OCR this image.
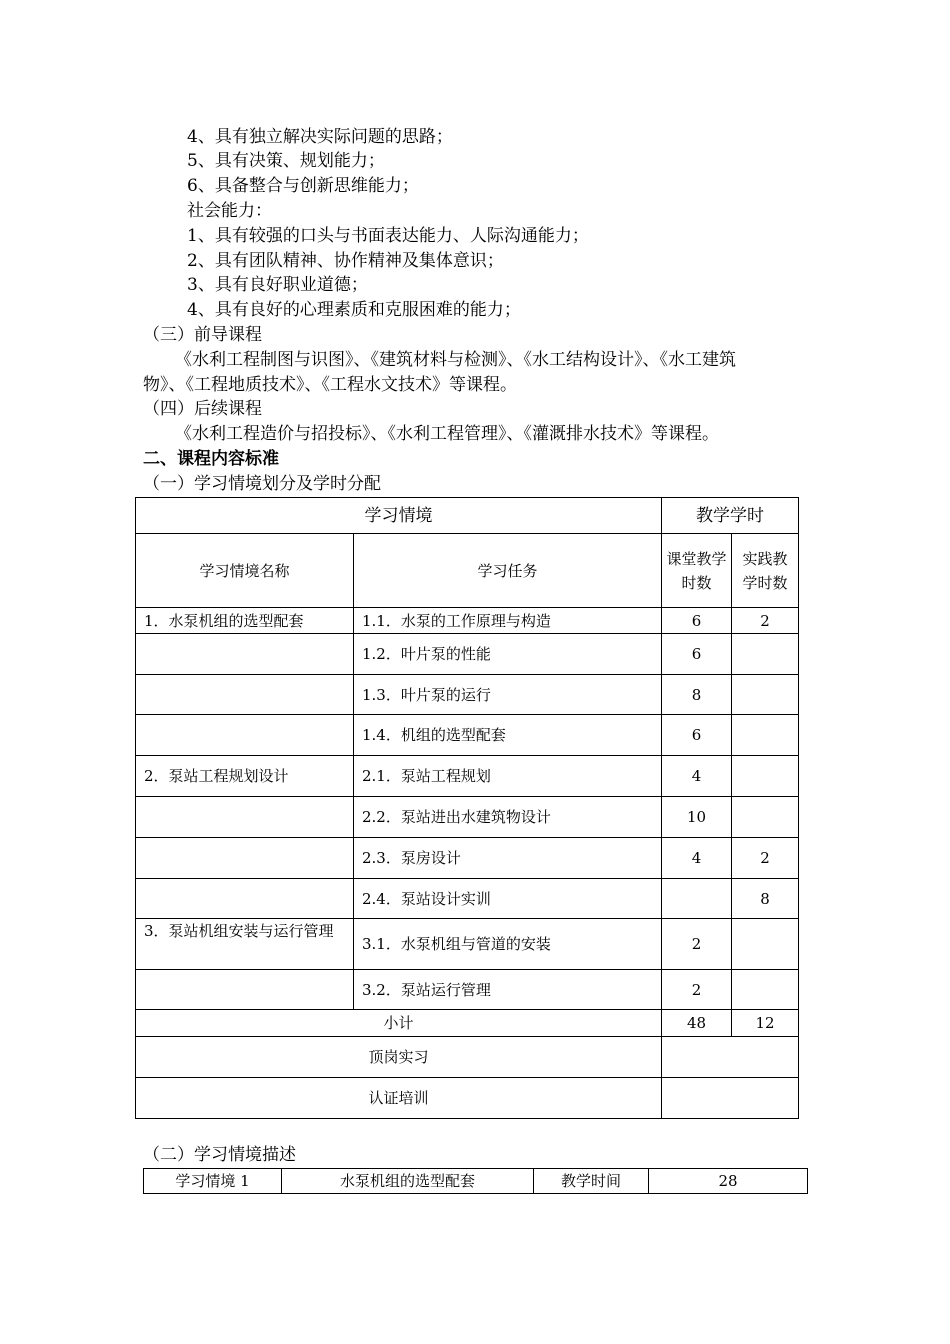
4、具有独立解决实际问题的思路；
5、具有决策、规划能力；
6、具备整合与创新思维能力；
社会能力：
1、具有较强的口头与书面表达能力、人际沟通能力；
2、具有团队精神、协作精神及集体意识；
3、具有良好职业道德；
4、具有良好的心理素质和克服困难的能力；
（三）前导课程
《水利工程制图与识图》、《建筑材料与检测》、《水工结构设计》、《水工建筑
物》、《工程地质技术》、《工程水文技术》等课程。
（四）后续课程
《水利工程造价与招投标》、《水利工程管理》、《灌溉排水技术》等课程。
二、课程内容标准
（一）学习情境划分及学时分配
学习情境		教学学时	
学习情境名称	学习任务	课堂教学时数	实践教学时数
1．水泵机组的选型配套	1.1．水泵的工作原理与构造	6	2
	1.2．叶片泵的性能	6	
	1.3．叶片泵的运行	8	
	1.4．机组的选型配套	6	
2．泵站工程规划设计	2.1．泵站工程规划	4	
	2.2．泵站进出水建筑物设计	10	
	2.3．泵房设计	4	2
	2.4．泵站设计实训		8
3．泵站机组安装与运行管理	3.1．水泵机组与管道的安装	2	
	3.2．泵站运行管理	2	
小计		48	12
顶岗实习			
认证培训			
（二）学习情境描述
学习情境 1	水泵机组的选型配套	教学时间	28
